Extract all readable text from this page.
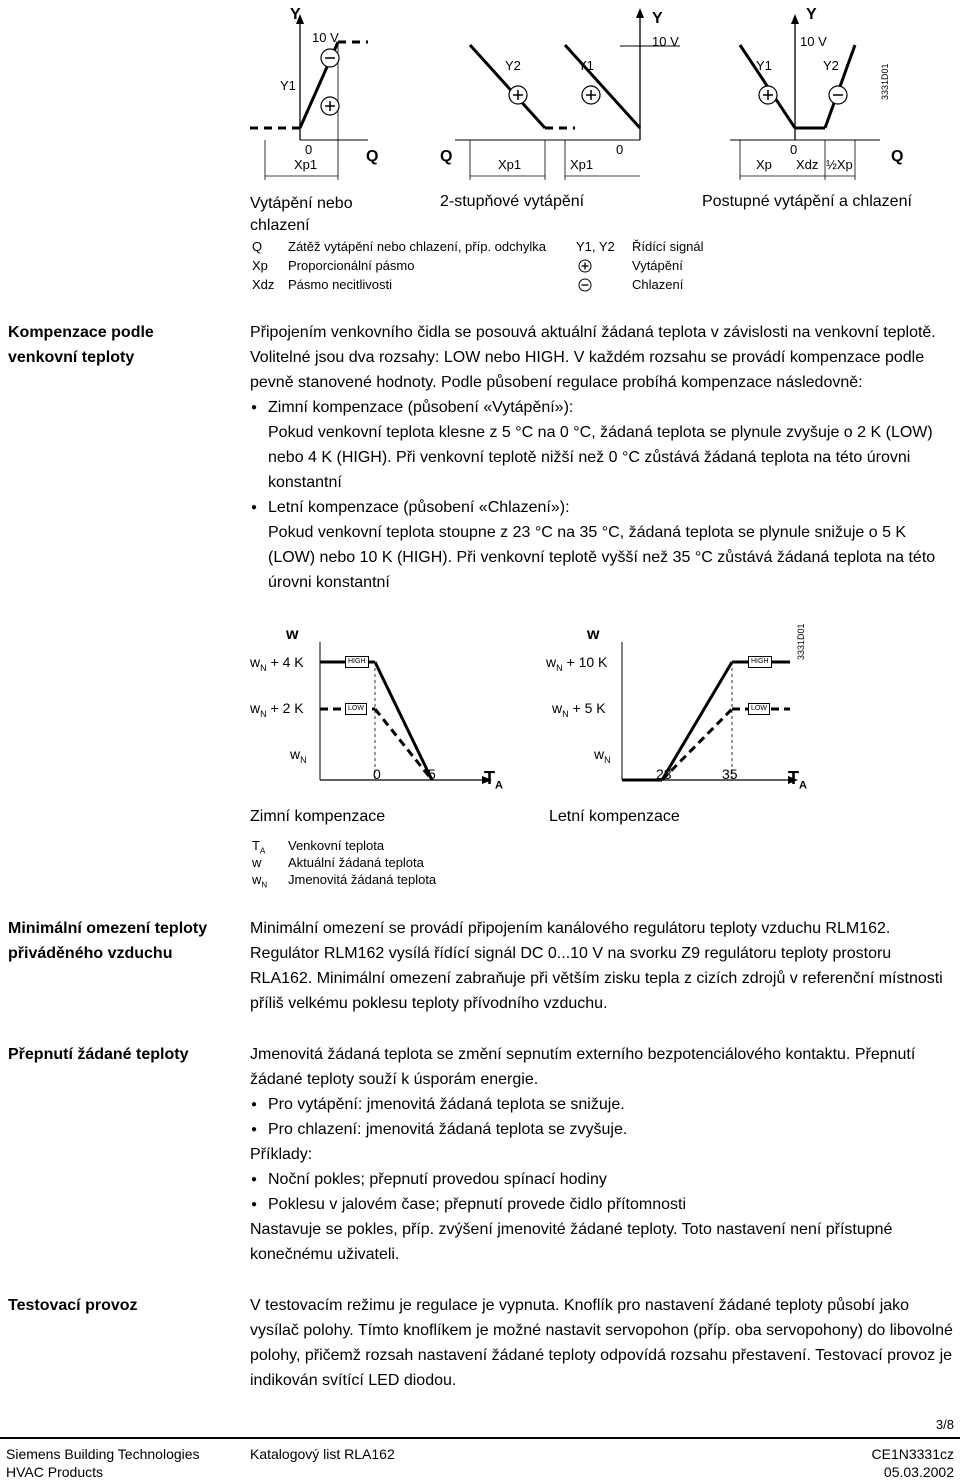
Y
10 V
Y1
0
Xp1	Q
Vytápění nebo chlazení
Q
Y2	Y1
Y
10 V
Xp1	Xp1
0
2-stupňové vytápění
Y
10 V
Y1	Y2
0
Xp Xdz ½Xp Q
Postupné vytápění a chlazení
3331D01
Q Zátěž vytápění nebo chlazení, příp. odchylka
Xp Proporcionální pásmo
Xdz Pásmo necitlivosti
Y1, Y2 Řídící signál
Vytápění
Chlazení
Kompenzace podle venkovní teploty

Připojením venkovního čidla se posouvá aktuální žádaná teplota v závislosti na venkovní teplotě. Volitelné jsou dva rozsahy: LOW nebo HIGH. V každém rozsahu se provádí kompenzace podle pevně stanovené hodnoty. Podle působení regulace probíhá kompenzace následovně:

● Zimní kompenzace (působení «Vytápění»):

Pokud venkovní teplota klesne z 5 °C na 0 °C, žádaná teplota se plynule zvyšuje o 2 K (LOW) nebo 4 K (HIGH). Při venkovní teplotě nižší než 0 °C zůstává žádaná teplota na této úrovni konstantní

● Letní kompenzace (působení «Chlazení»):

Pokud venkovní teplota stoupne z 23 °C na 35 °C, žádaná teplota se plynule snižuje o 5 K (LOW) nebo 10 K (HIGH). Při venkovní teplotě vyšší než 35 °C zůstává žádaná teplota na této úrovni konstantní

w
$w_N + 4$ K	HIGH
$w_N + 2$ K	LOW
$w_N$
0	5	$T_A$
Zimní kompenzace
w
$w_N + 10$ K	HIGH
$w_N + 5$ K	LOW
$w_N$
23	35	$T_A$
Letní kompenzace
3331D01
$T_A$ Venkovní teplota
w Aktuální žádaná teplota
$w_N$ Jmenovitá žádaná teplota
Minimální omezení teploty přiváděného vzduchu

Minimální omezení se provádí připojením kanálového regulátoru teploty vzduchu RLM162. Regulátor RLM162 vysílá řídící signál DC 0...10 V na svorku Z9 regulátoru teploty prostoru RLA162. Minimální omezení zabraňuje při větším zisku tepla z cizích zdrojů v referenční místnosti příliš velkému poklesu teploty přívodního vzduchu.

Přepnutí žádané teploty	Jmenovitá žádaná teplota se změní sepnutím externího bezpotenciálového kontaktu. Přepnutí žádané teploty souží k úsporám energie.

● Pro vytápění: jmenovitá žádaná teplota se snižuje.

● Pro chlazení: jmenovitá žádaná teplota se zvyšuje.

Příklady:

● Noční pokles; přepnutí provedou spínací hodiny

● Poklesu v jalovém čase; přepnutí provede čidlo přítomnosti

Nastavuje se pokles, příp. zvýšení jmenovité žádané teploty. Toto nastavení není přístupné konečnému uživateli.

Testovací provoz	V testovacím režimu je regulace je vypnuta. Knoflík pro nastavení žádané teploty působí jako vysílač polohy. Tímto knoflíkem je možné nastavit servopohon (příp. oba servopohony) do libovolné polohy, přičemž rozsah nastavení žádané teploty odpovídá rozsahu přestavení. Testovací provoz je indikován svítící LED diodou.

3/8
Siemens Building Technologies
HVAC Products
Katalogový list RLA162	CE1N3331cz
05.03.2002
